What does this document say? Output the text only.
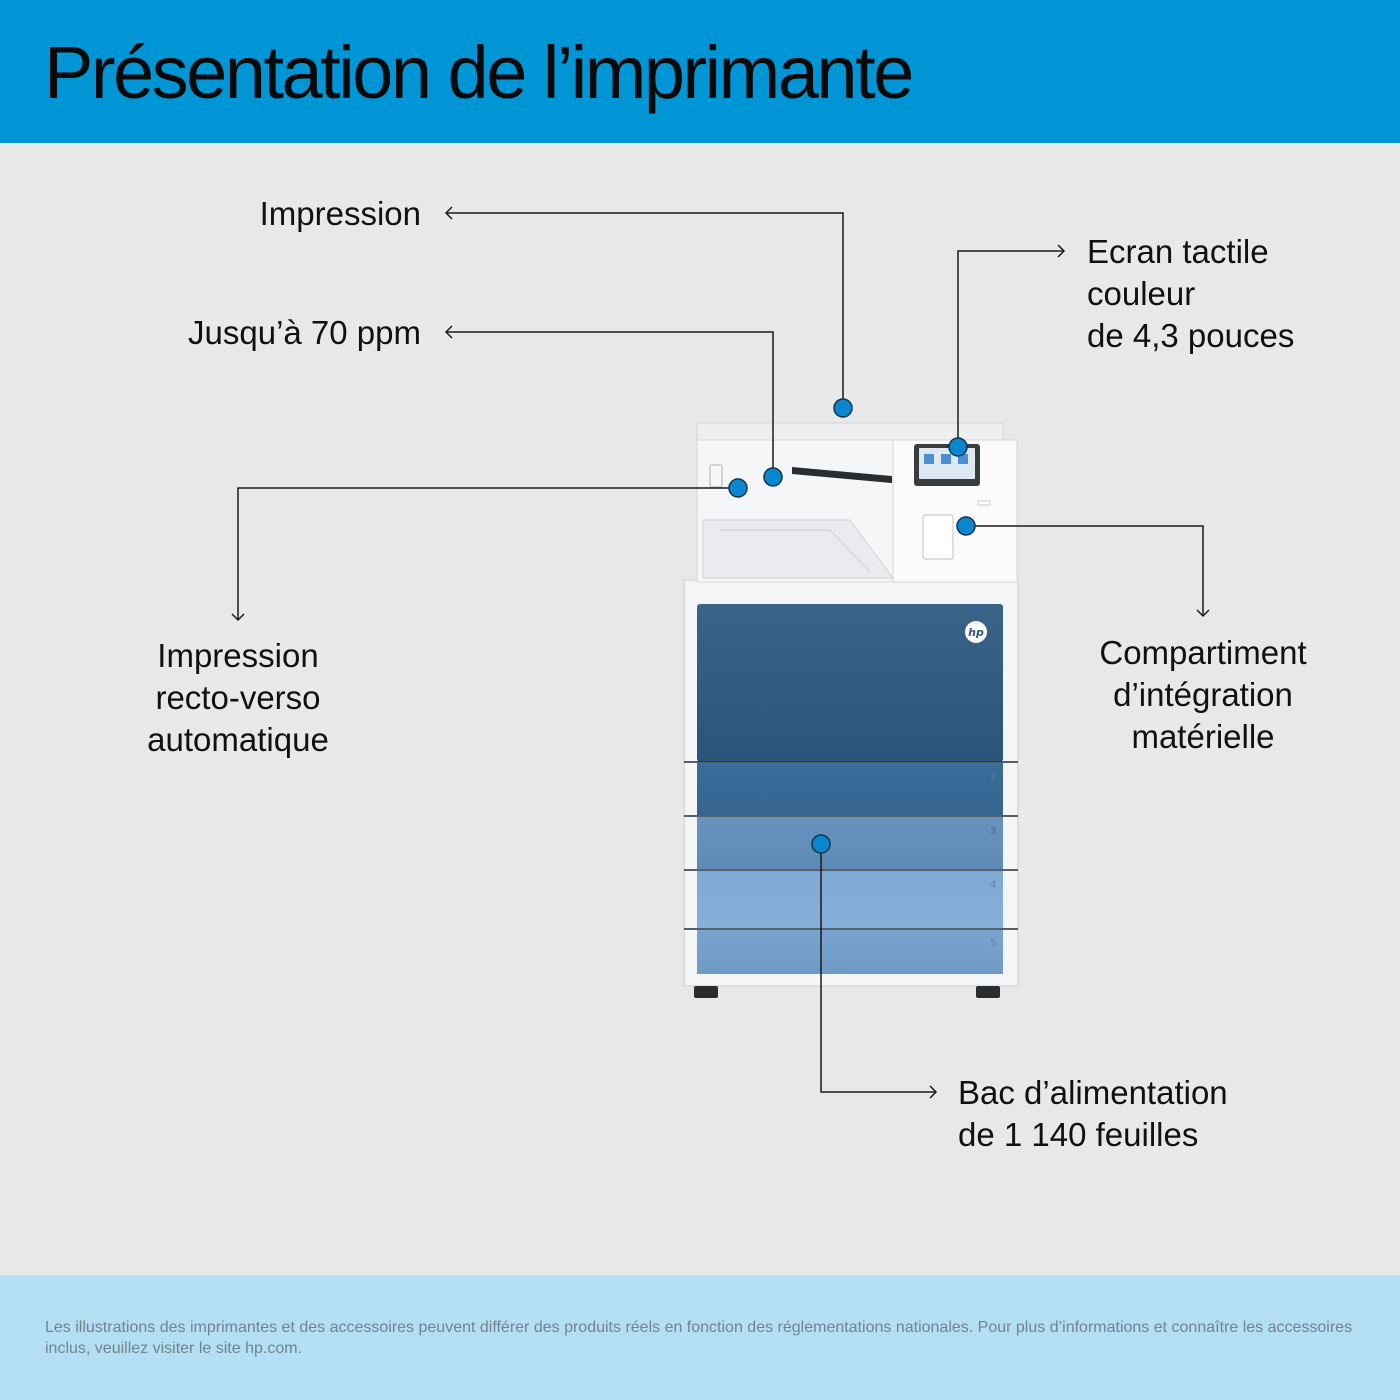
Présentation de l’imprimante
hp
2
3
4
5
Impression
Jusqu’à 70 ppm
Ecran tactile
couleur
de 4,3 pouces
Impression
recto-verso
automatique
Compartiment
d’intégration
matérielle
Bac d’alimentation
de 1 140 feuilles

Les illustrations des imprimantes et des accessoires peuvent différer des produits réels en fonction des réglementations nationales. Pour plus d’informations et connaître les accessoires inclus, veuillez visiter le site hp.com.
